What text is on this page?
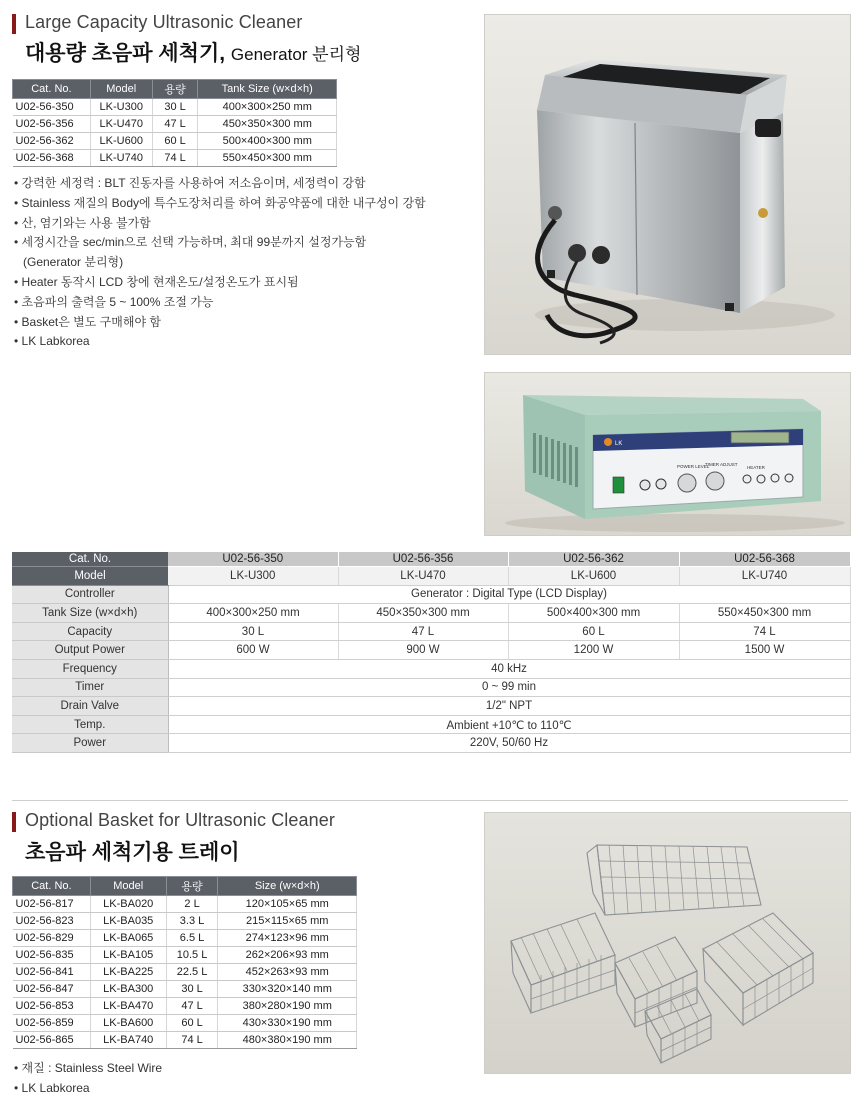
Large Capacity Ultrasonic Cleaner
대용량 초음파 세척기, Generator 분리형
Cat. No.	Model	용량	Tank Size (w×d×h)
U02-56-350	LK-U300	30 L	400×300×250 mm
U02-56-356	LK-U470	47 L	450×350×300 mm
U02-56-362	LK-U600	60 L	500×400×300 mm
U02-56-368	LK-U740	74 L	550×450×300 mm
• 강력한 세정력 : BLT 진동자를 사용하여 저소음이며, 세정력이 강함
• Stainless 재질의 Body에 특수도장처리를 하여 화공약품에 대한 내구성이 강함
• 산, 염기와는 사용 불가함
• 세정시간을 sec/min으로 선택 가능하며, 최대 99분까지 설정가능함
(Generator 분리형)
• Heater 동작시 LCD 창에 현재온도/설정온도가 표시됨
• 초음파의 출력을 5 ~ 100% 조절 가능
• Basket은 별도 구매해야 함
• LK Labkorea
LK
POWER LEVEL
TIMER ADJUST
HEATER
Cat. No.	U02-56-350	U02-56-356	U02-56-362	U02-56-368
Model	LK-U300	LK-U470	LK-U600	LK-U740
Controller	Generator : Digital Type (LCD Display)			
Tank Size (w×d×h)	400×300×250 mm	450×350×300 mm	500×400×300 mm	550×450×300 mm
Capacity	30 L	47 L	60 L	74 L
Output Power	600 W	900 W	1200 W	1500 W
Frequency	40 kHz			
Timer	0 ~ 99 min			
Drain Valve	1/2" NPT			
Temp.	Ambient +10℃ to 110℃			
Power	220V, 50/60 Hz			
Optional Basket for Ultrasonic Cleaner
초음파 세척기용 트레이
Cat. No.	Model	용량	Size (w×d×h)
U02-56-817	LK-BA020	2 L	120×105×65 mm
U02-56-823	LK-BA035	3.3 L	215×115×65 mm
U02-56-829	LK-BA065	6.5 L	274×123×96 mm
U02-56-835	LK-BA105	10.5 L	262×206×93 mm
U02-56-841	LK-BA225	22.5 L	452×263×93 mm
U02-56-847	LK-BA300	30 L	330×320×140 mm
U02-56-853	LK-BA470	47 L	380×280×190 mm
U02-56-859	LK-BA600	60 L	430×330×190 mm
U02-56-865	LK-BA740	74 L	480×380×190 mm
• 재질 : Stainless Steel Wire
• LK Labkorea
